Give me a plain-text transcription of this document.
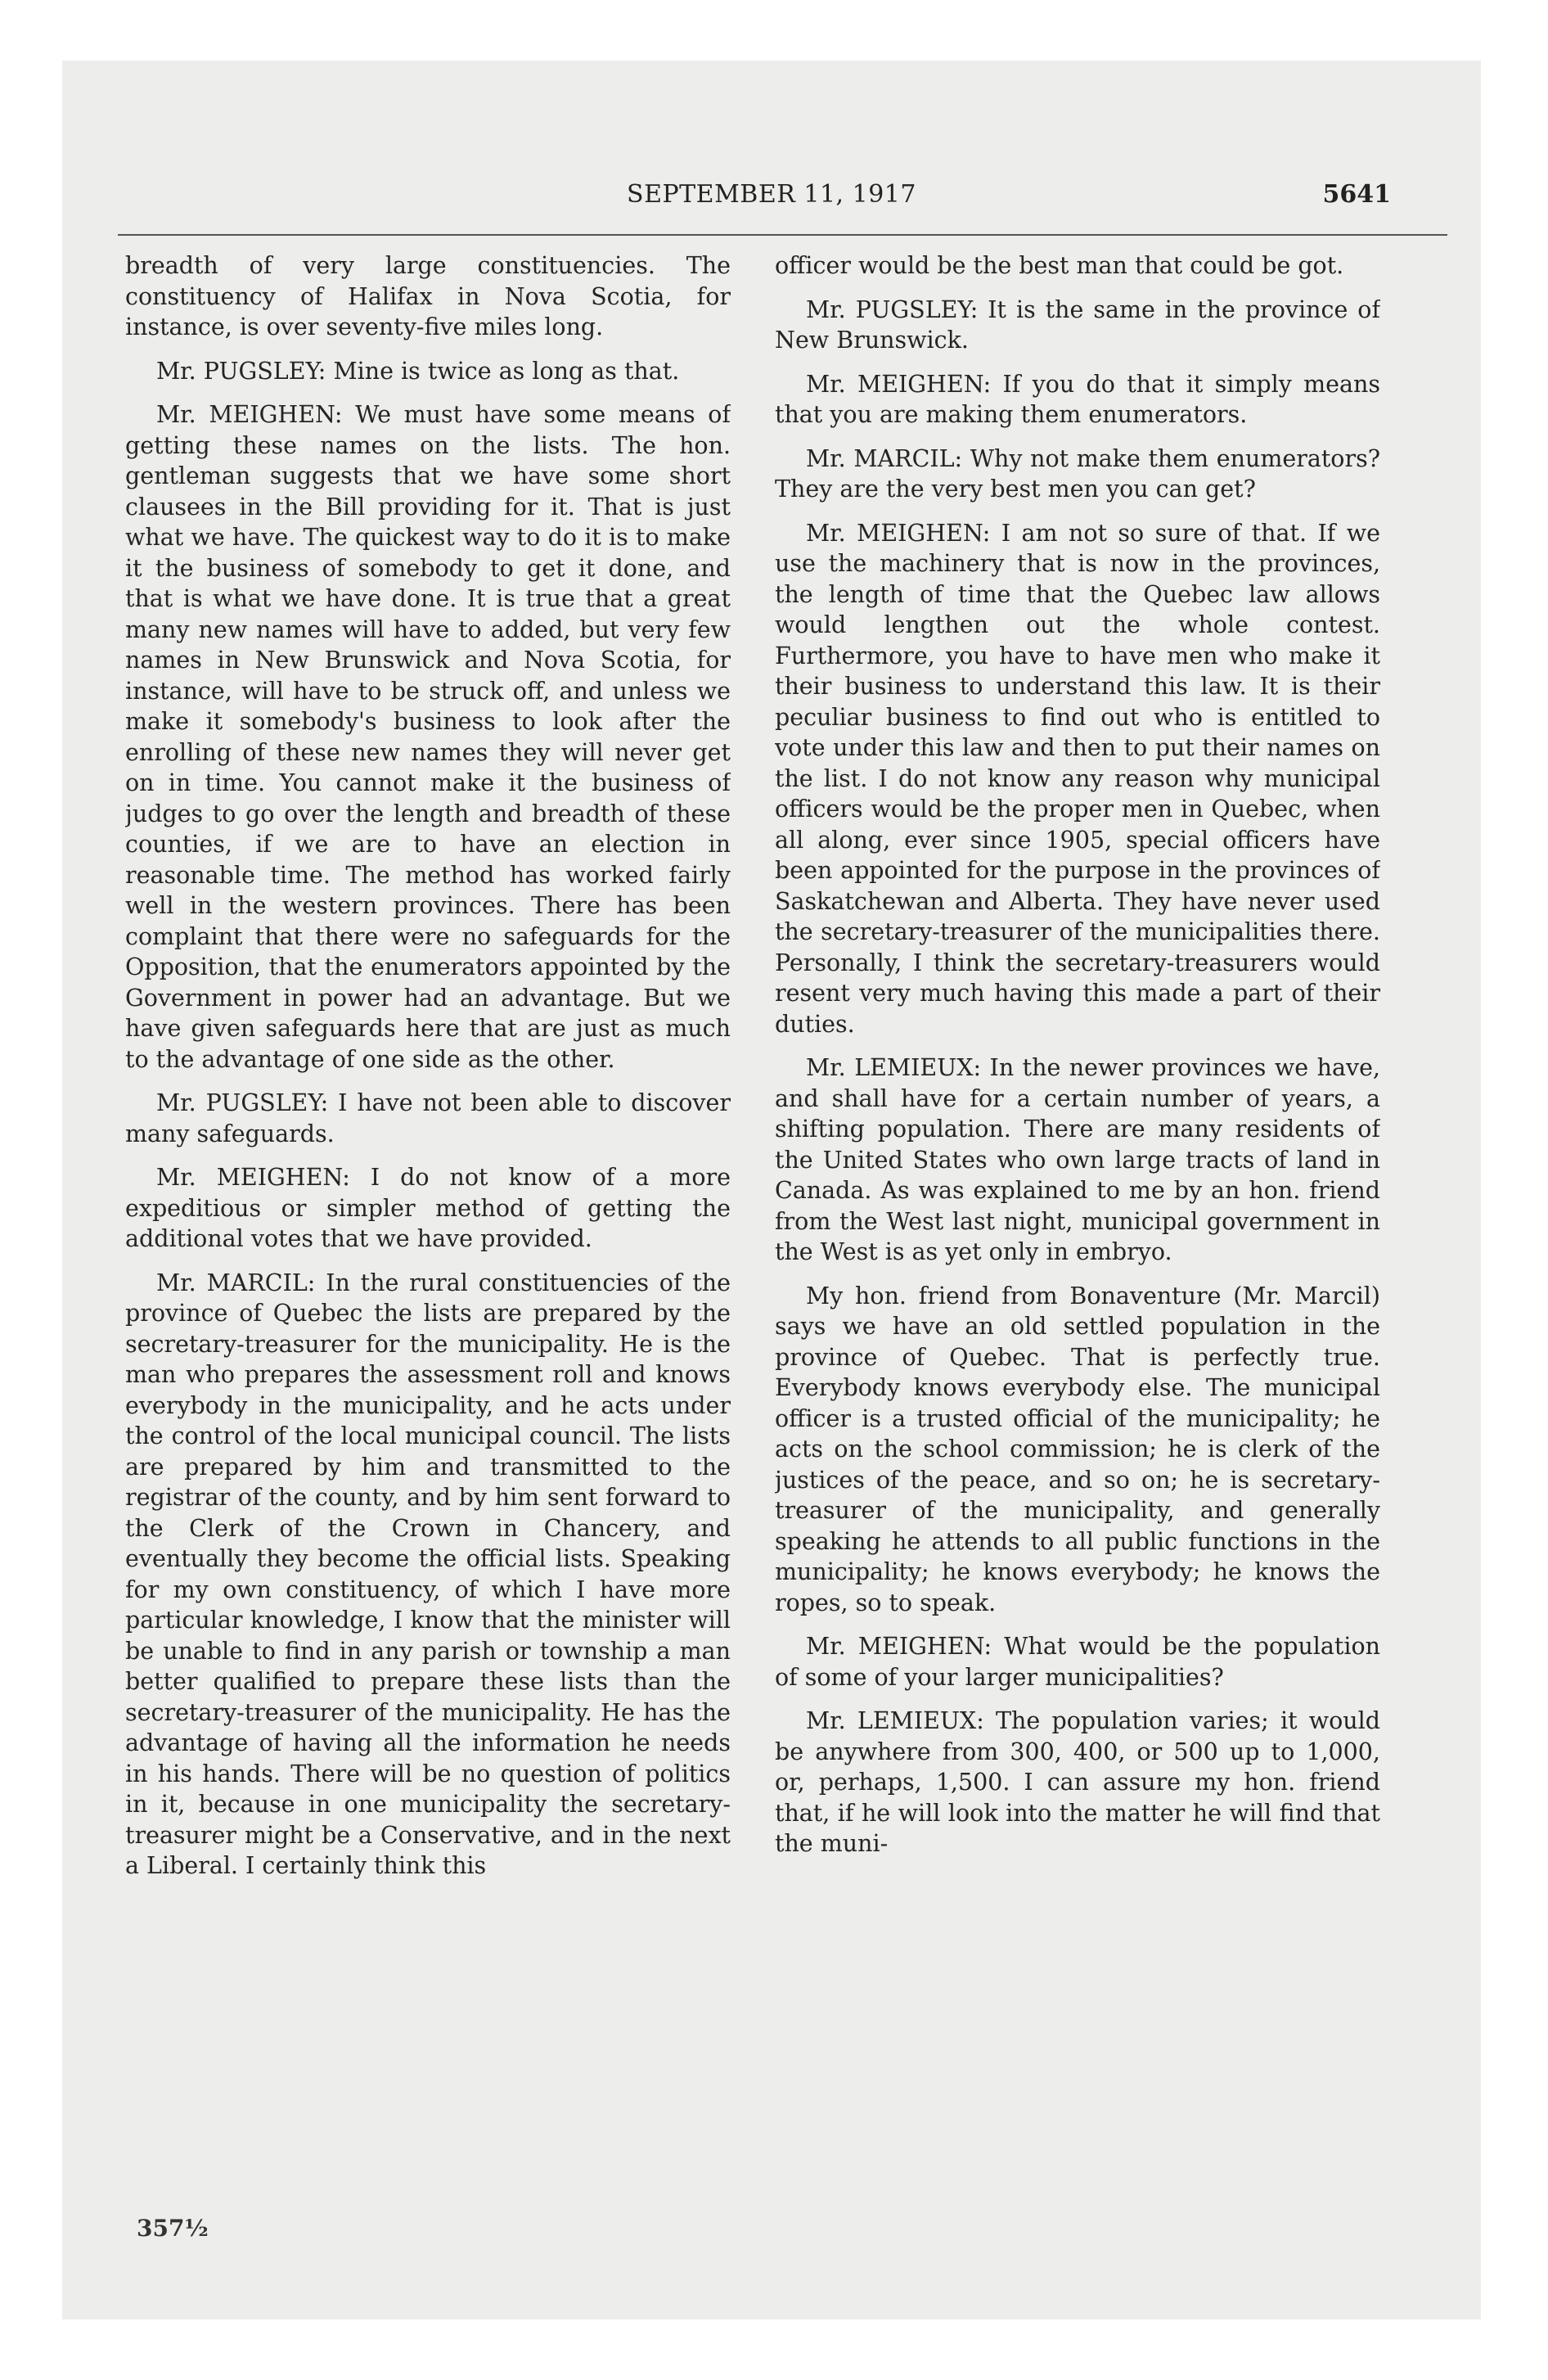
SEPTEMBER 11, 1917	5641

breadth of very large constituencies. The constituency of Halifax in Nova Scotia, for instance, is over seventy-five miles long.

Mr. PUGSLEY: Mine is twice as long as that.

Mr. MEIGHEN: We must have some means of getting these names on the lists. The hon. gentleman suggests that we have some short clausees in the Bill providing for it. That is just what we have. The quickest way to do it is to make it the business of somebody to get it done, and that is what we have done. It is true that a great many new names will have to added, but very few names in New Brunswick and Nova Scotia, for instance, will have to be struck off, and unless we make it somebody's business to look after the enrolling of these new names they will never get on in time. You cannot make it the business of judges to go over the length and breadth of these counties, if we are to have an election in reasonable time. The method has worked fairly well in the western provinces. There has been complaint that there were no safeguards for the Opposition, that the enumerators appointed by the Government in power had an advantage. But we have given safeguards here that are just as much to the advantage of one side as the other.

Mr. PUGSLEY: I have not been able to discover many safeguards.

Mr. MEIGHEN: I do not know of a more expeditious or simpler method of getting the additional votes that we have provided.

Mr. MARCIL: In the rural constituencies of the province of Quebec the lists are prepared by the secretary-treasurer for the municipality. He is the man who prepares the assessment roll and knows everybody in the municipality, and he acts under the control of the local municipal council. The lists are prepared by him and transmitted to the registrar of the county, and by him sent forward to the Clerk of the Crown in Chancery, and eventually they become the official lists. Speaking for my own constituency, of which I have more particular knowledge, I know that the minister will be unable to find in any parish or township a man better qualified to prepare these lists than the secretary-treasurer of the municipality. He has the advantage of having all the information he needs in his hands. There will be no question of politics in it, because in one municipality the secretary-treasurer might be a Conservative, and in the next a Liberal. I certainly think this

officer would be the best man that could be got.

Mr. PUGSLEY: It is the same in the province of New Brunswick.

Mr. MEIGHEN: If you do that it simply means that you are making them enumerators.

Mr. MARCIL: Why not make them enumerators? They are the very best men you can get?

Mr. MEIGHEN: I am not so sure of that. If we use the machinery that is now in the provinces, the length of time that the Quebec law allows would lengthen out the whole contest. Furthermore, you have to have men who make it their business to understand this law. It is their peculiar business to find out who is entitled to vote under this law and then to put their names on the list. I do not know any reason why municipal officers would be the proper men in Quebec, when all along, ever since 1905, special officers have been appointed for the purpose in the provinces of Saskatchewan and Alberta. They have never used the secretary-treasurer of the municipalities there. Personally, I think the secretary-treasurers would resent very much having this made a part of their duties.

Mr. LEMIEUX: In the newer provinces we have, and shall have for a certain number of years, a shifting population. There are many residents of the United States who own large tracts of land in Canada. As was explained to me by an hon. friend from the West last night, municipal government in the West is as yet only in embryo.

My hon. friend from Bonaventure (Mr. Marcil) says we have an old settled population in the province of Quebec. That is perfectly true. Everybody knows everybody else. The municipal officer is a trusted official of the municipality; he acts on the school commission; he is clerk of the justices of the peace, and so on; he is secretary-treasurer of the municipality, and generally speaking he attends to all public functions in the municipality; he knows everybody; he knows the ropes, so to speak.

Mr. MEIGHEN: What would be the population of some of your larger municipalities?

Mr. LEMIEUX: The population varies; it would be anywhere from 300, 400, or 500 up to 1,000, or, perhaps, 1,500. I can assure my hon. friend that, if he will look into the matter he will find that the muni-

357½
